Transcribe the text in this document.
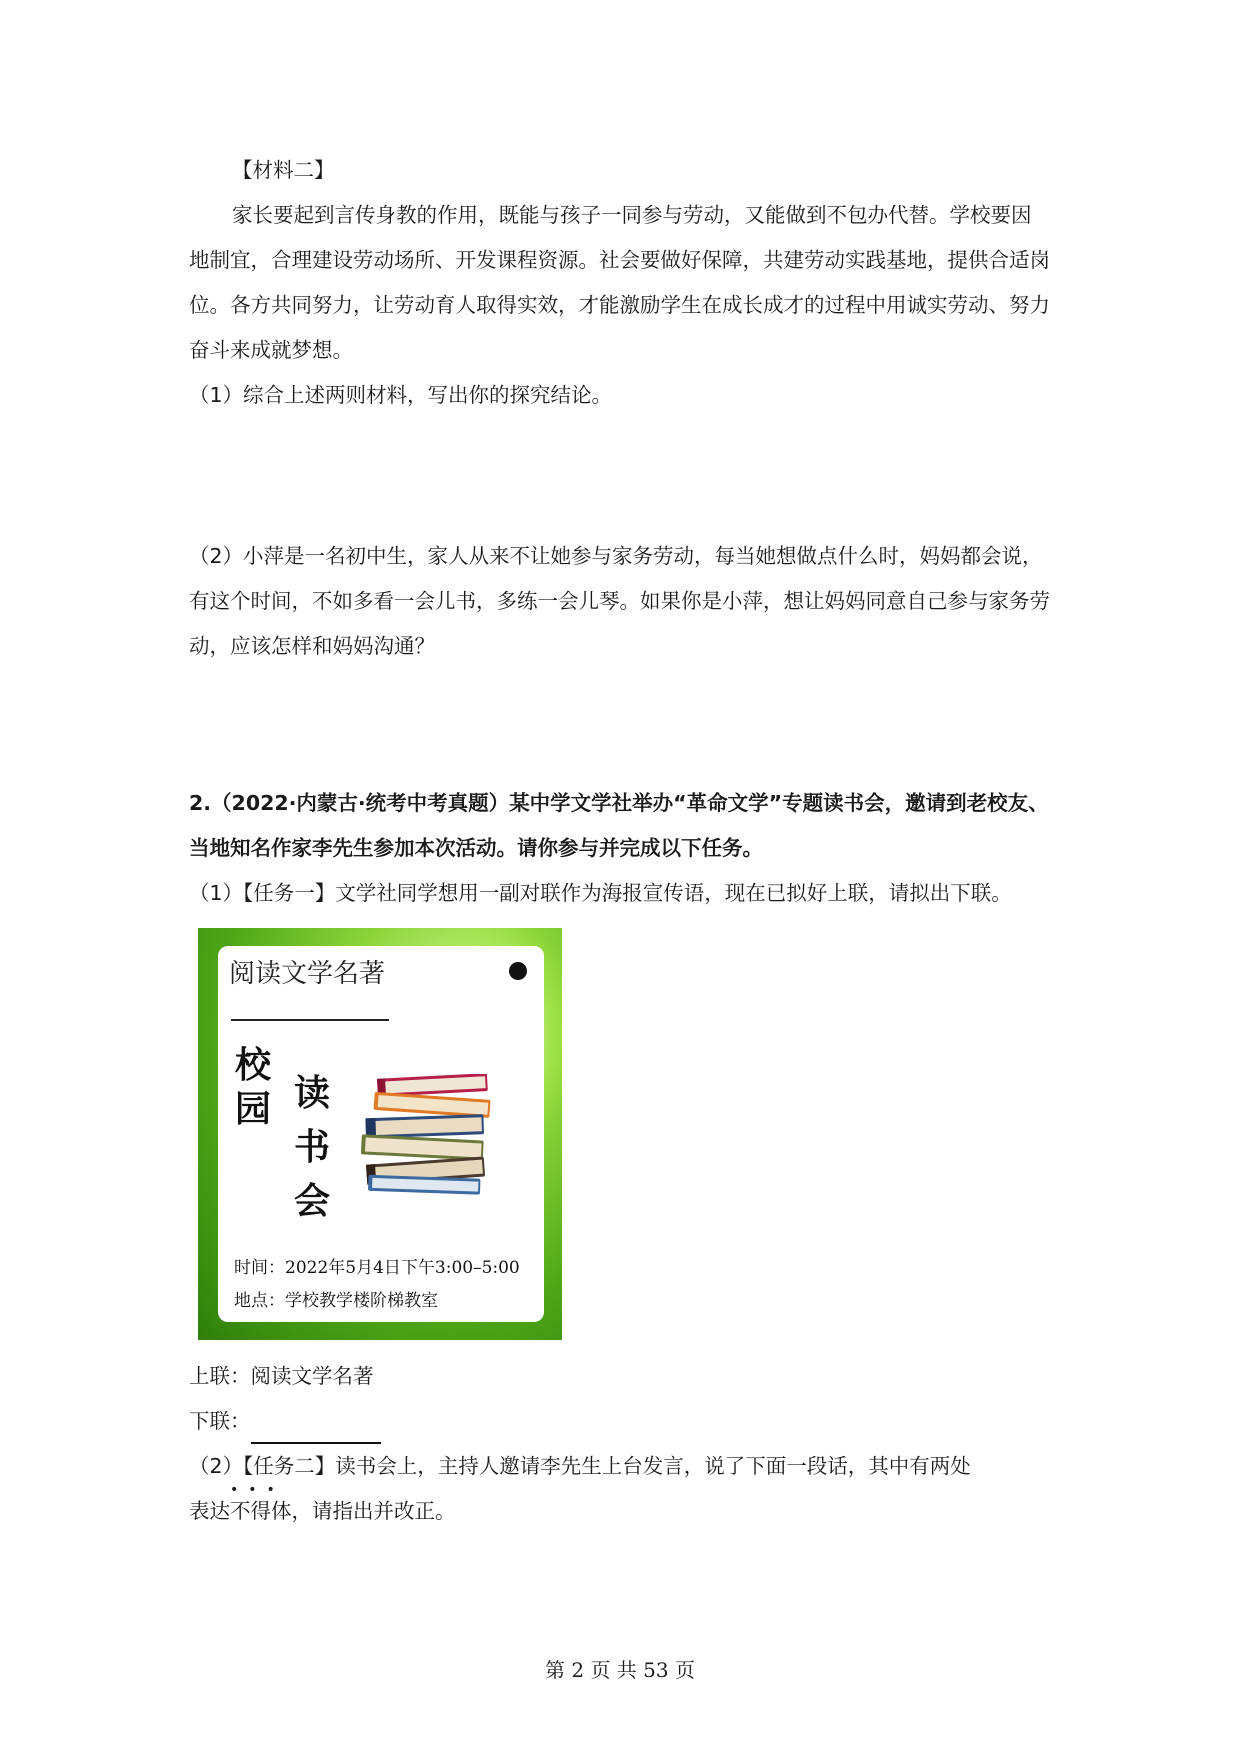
【材料二】

家长要起到言传身教的作用，既能与孩子一同参与劳动，又能做到不包办代替。学校要因地制宜，合理建设劳动场所、开发课程资源。社会要做好保障，共建劳动实践基地，提供合适岗位。各方共同努力，让劳动育人取得实效，才能激励学生在成长成才的过程中用诚实劳动、努力奋斗来成就梦想。

（1）综合上述两则材料，写出你的探究结论。

（2）小萍是一名初中生，家人从来不让她参与家务劳动，每当她想做点什么时，妈妈都会说，有这个时间，不如多看一会儿书，多练一会儿琴。如果你是小萍，想让妈妈同意自己参与家务劳动，应该怎样和妈妈沟通？

2.（2022·内蒙古·统考中考真题）某中学文学社举办“革命文学”专题读书会，邀请到老校友、当地知名作家李先生参加本次活动。请你参与并完成以下任务。

（1）【任务一】文学社同学想用一副对联作为海报宣传语，现在已拟好上联，请拟出下联。

阅读文学名著
校
园 读
书
会
时间：2022年5月4日下午3:00–5:00
地点：学校教学楼阶梯教室

上联：阅读文学名著

下联：

（2）【任务二】读书会上，主持人邀请李先生上台发言，说了下面一段话，其中有两处

表达
•••
不得体，请指出并改正。

第 2 页 共 53 页
